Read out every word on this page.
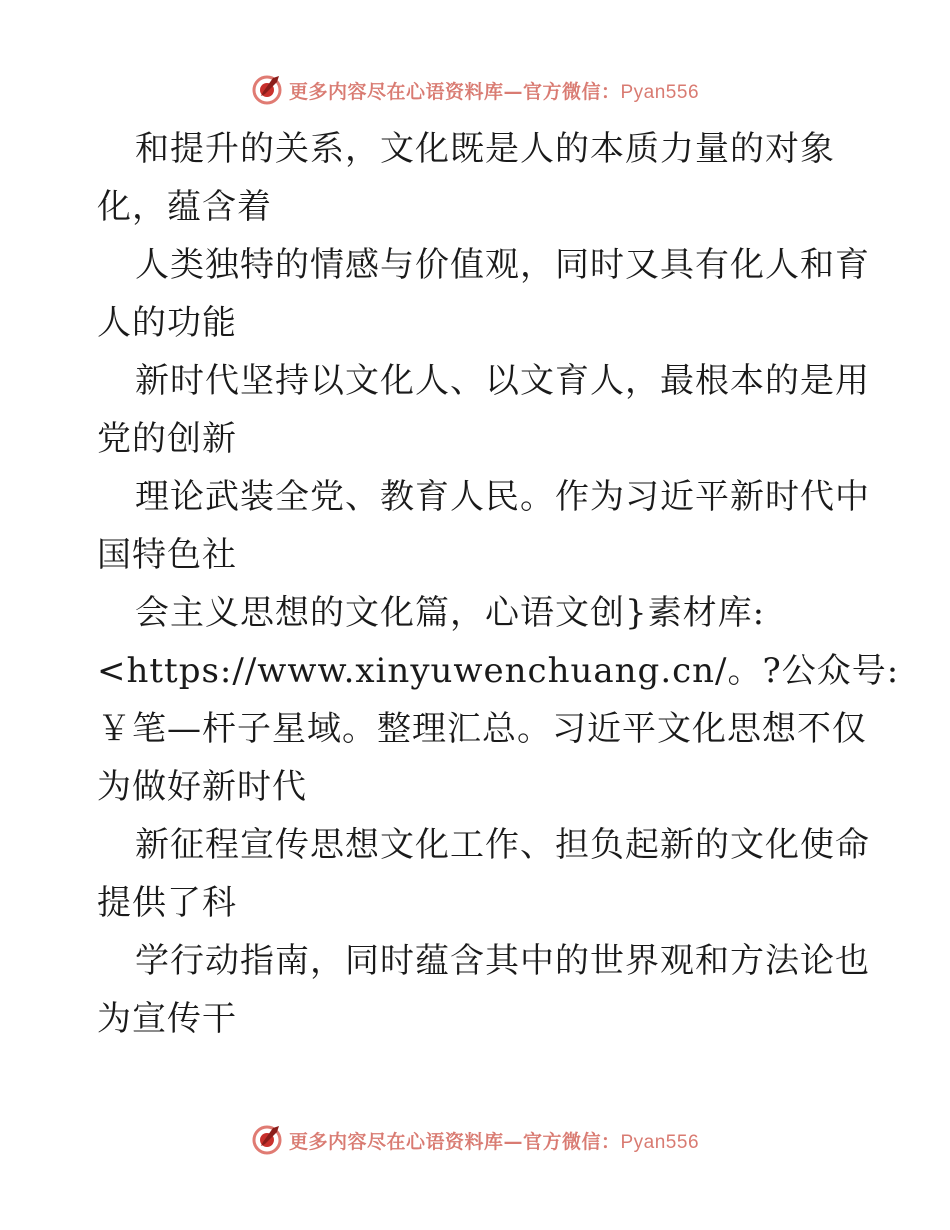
更多内容尽在心语资料库—官方微信：Pyan556

和提升的关系，文化既是人的本质力量的对象

化，蕴含着

人类独特的情感与价值观，同时又具有化人和育

人的功能

新时代坚持以文化人、以文育人，最根本的是用

党的创新

理论武装全党、教育人民。作为习近平新时代中

国特色社

会主义思想的文化篇，心语文创}素材库:

<https://www.xinyuwenchuang.cn/。?公众号:

￥笔—杆子星域。整理汇总。习近平文化思想不仅

为做好新时代

新征程宣传思想文化工作、担负起新的文化使命

提供了科

学行动指南，同时蕴含其中的世界观和方法论也

为宣传干

更多内容尽在心语资料库—官方微信：Pyan556
